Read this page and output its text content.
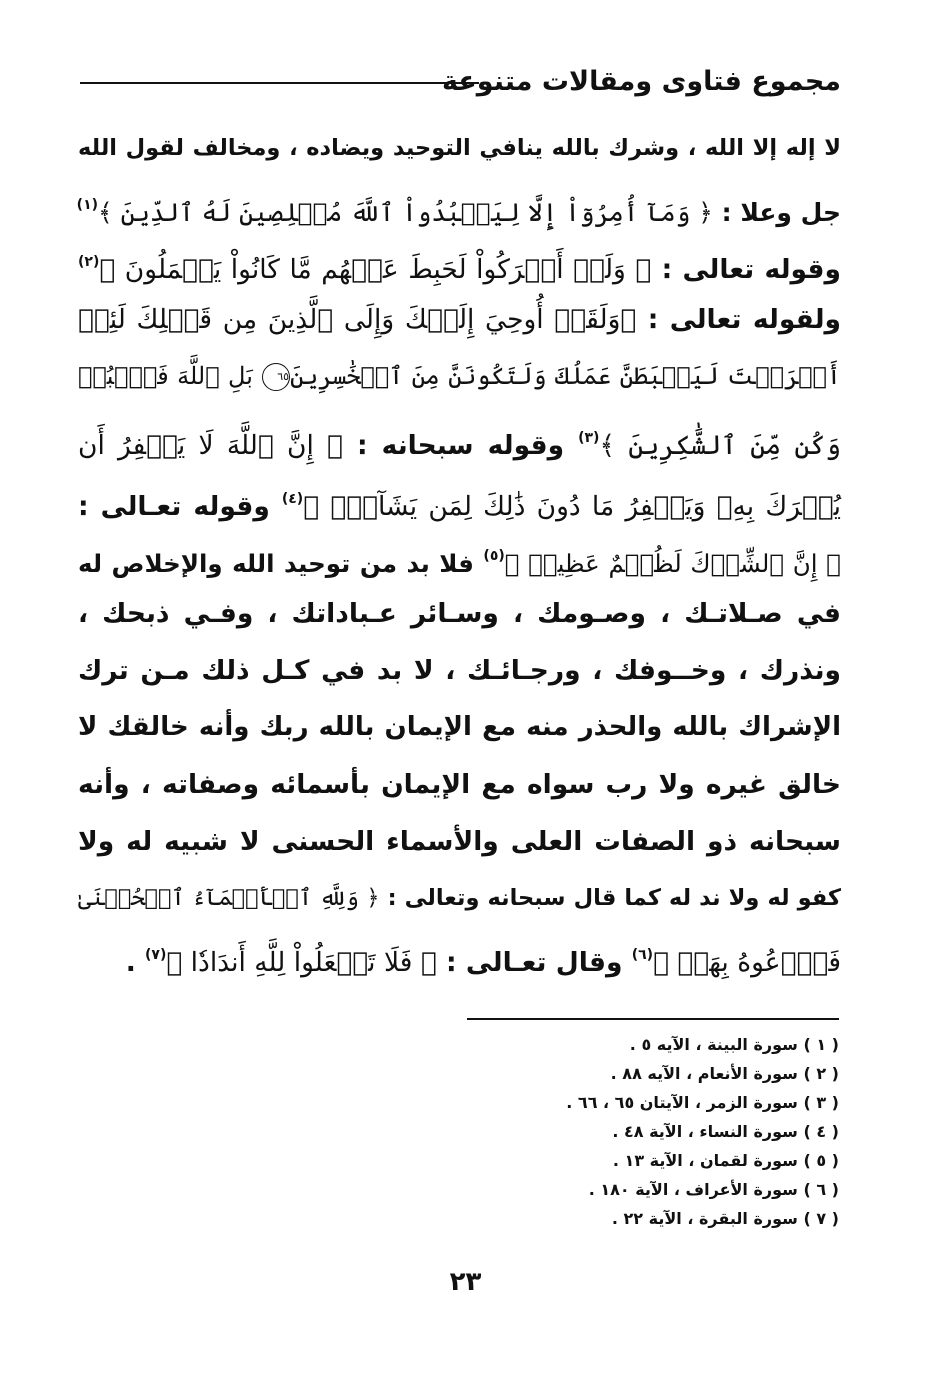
مجموع فتاوى ومقالات متنوعة
لا إله إلا الله ، وشرك بالله ينافي التوحيد ويضاده ، ومخالف لقول الله
جل وعلا : ﴿ وَمَآ أُمِرُوٓاْ إِلَّا لِيَعۡبُدُواْ ٱللَّهَ مُخۡلِصِينَ لَهُ ٱلدِّينَ ﴾$^{(١)}$
وقوله تعالى : ﴿ وَلَوۡ أَشۡرَكُواْ لَحَبِطَ عَنۡهُم مَّا كَانُواْ يَعۡمَلُونَ ﴾$^{(٢)}$
ولقوله تعالى : ﴿وَلَقَدۡ أُوحِيَ إِلَيۡكَ وَإِلَى ٱلَّذِينَ مِن قَبۡلِكَ لَئِنۡ
أَشۡرَكۡتَ لَيَحۡبَطَنَّ عَمَلُكَ وَلَتَكُونَنَّ مِنَ ٱلۡخَٰسِرِينَ٦٥ بَلِ ٱللَّهَ فَٱعۡبُدۡ
وَكُن مِّنَ ٱلشَّٰكِرِينَ ﴾$^{(٣)}$ وقوله سبحانه : ﴿ إِنَّ ٱللَّهَ لَا يَغۡفِرُ أَن
يُشۡرَكَ بِهِۦ وَيَغۡفِرُ مَا دُونَ ذَٰلِكَ لِمَن يَشَآءُۚ ﴾$^{(٤)}$ وقوله تعـالى :
﴿ إِنَّ ٱلشِّرۡكَ لَظُلۡمٌ عَظِيمٞ ﴾$^{(٥)}$ فلا بد من توحيد الله والإخلاص له
في صـلاتـك ، وصـومك ، وسـائر عـباداتك ، وفـي ذبحك ،
ونذرك ، وخــوفك ، ورجـائـك ، لا بد في كـل ذلك مـن ترك
الإشراك بالله والحذر منه مع الإيمان بالله ربك وأنه خالقك لا
خالق غيره ولا رب سواه مع الإيمان بأسمائه وصفاته ، وأنه
سبحانه ذو الصفات العلى والأسماء الحسنى لا شبيه له ولا
كفو له ولا ند له كما قال سبحانه وتعالى : ﴿ وَلِلَّهِ ٱلۡأَسۡمَآءُ ٱلۡحُسۡنَىٰ
فَٱدۡعُوهُ بِهَاۖ ﴾$^{(٦)}$ وقال تعـالى : ﴿ فَلَا تَجۡعَلُواْ لِلَّهِ أَندَادٗا ﴾$^{(٧)}$ .
( ١ ) سورة البينة ، الآيه ٥ .
( ٢ ) سورة الأنعام ، الآيه ٨٨ .
( ٣ ) سورة الزمر ، الآيتان ٦٥ ، ٦٦ .
( ٤ ) سورة النساء ، الآية ٤٨ .
( ٥ ) سورة لقمان ، الآية ١٣ .
( ٦ ) سورة الأعراف ، الآية ١٨٠ .
( ٧ ) سورة البقرة ، الآية ٢٢ .
٢٣
